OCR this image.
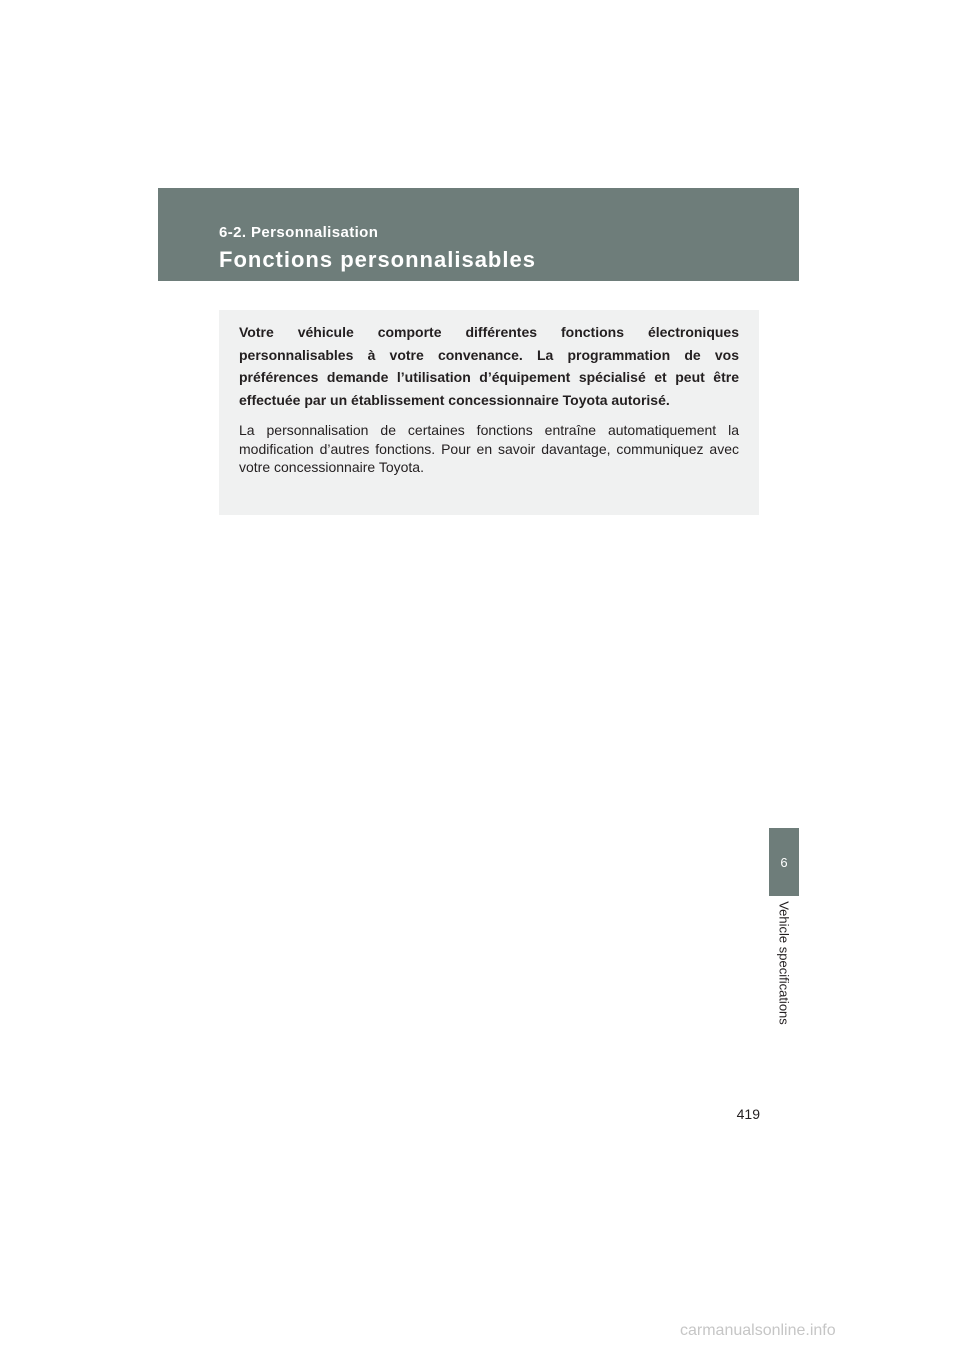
6-2. Personnalisation
Fonctions personnalisables

Votre véhicule comporte différentes fonctions électroniques personnalisables à votre convenance. La programmation de vos préférences demande l’utilisation d’équipement spécialisé et peut être effectuée par un établissement concessionnaire Toyota autorisé.

La personnalisation de certaines fonctions entraîne automatiquement la modification d’autres fonctions. Pour en savoir davantage, communiquez avec votre concessionnaire Toyota.

6
Vehicle specifications
419
carmanualsonline.info
